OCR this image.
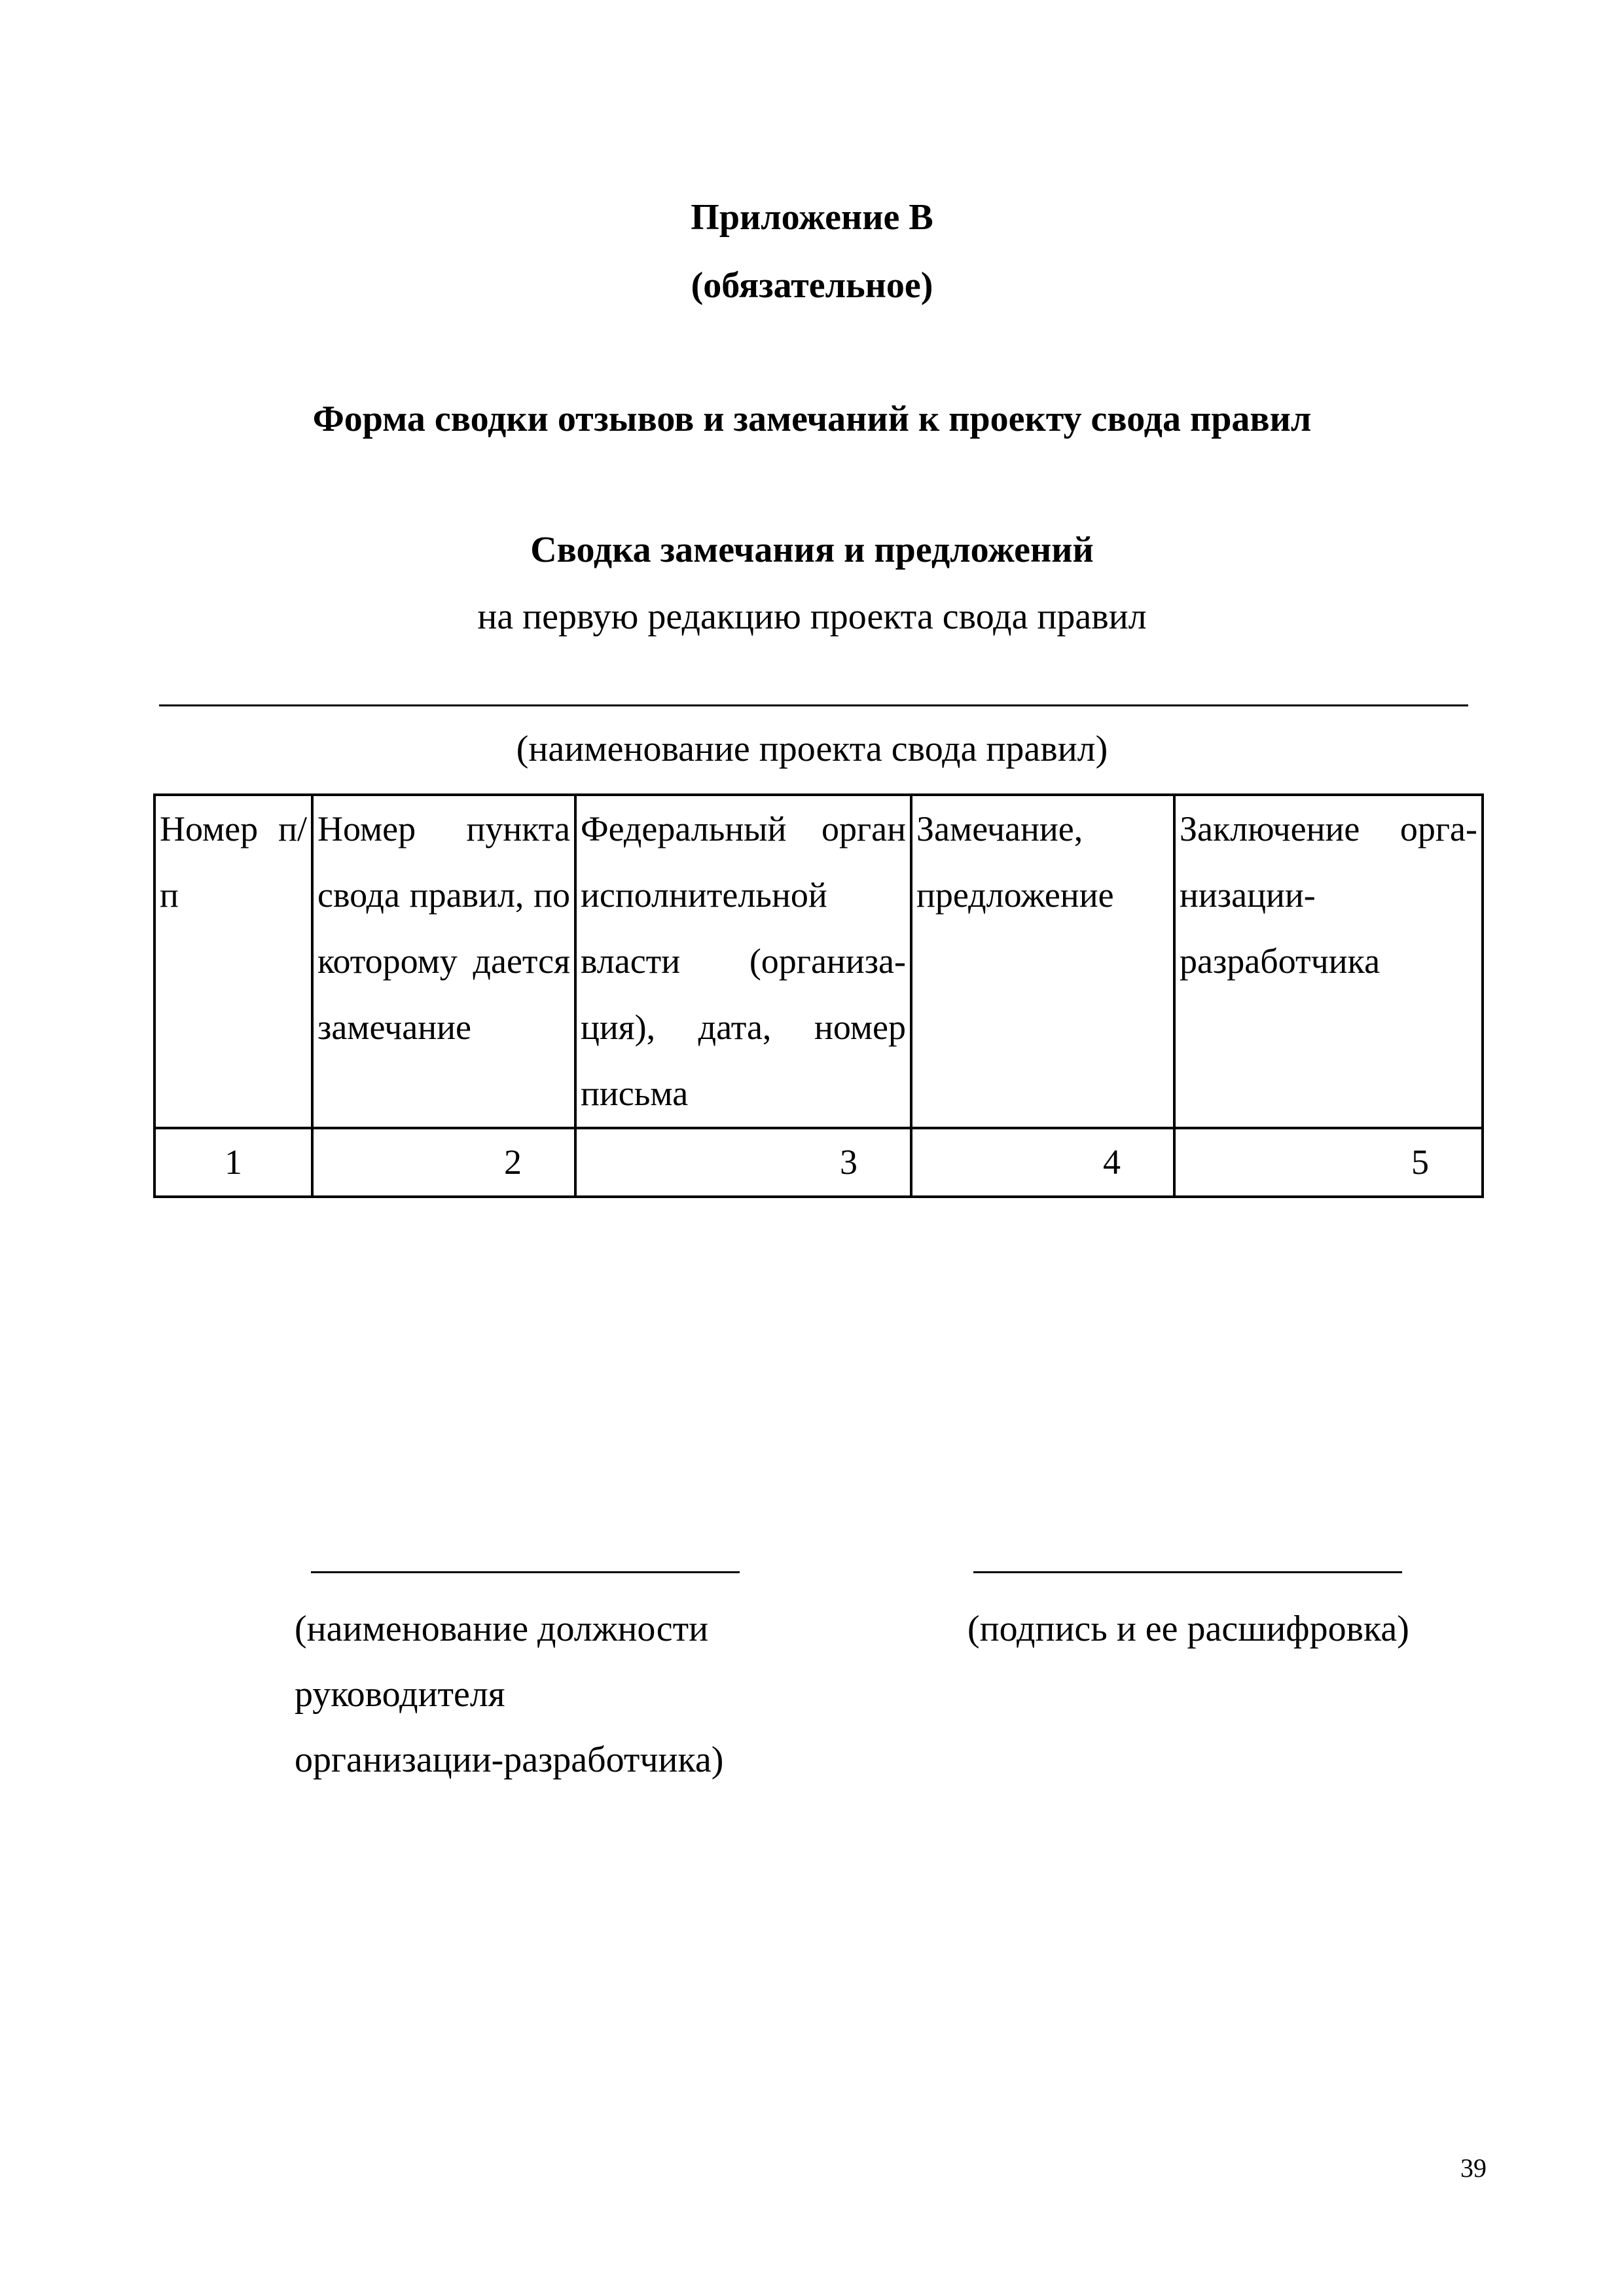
Приложение В

(обязательное)

Форма сводки отзывов и замечаний к проекту свода правил

Сводка замечания и предложений

на первую редакцию проекта свода правил

(наименование проекта свода правил)

Номер п/п	Номер пункта свода правил, по которому дается замечание	Федеральный орган исполнительной власти (организация), дата, номер письма	Замечание, предложение	Заключение организации-разработчика
1	2	3	4	5
(наименование должности
руководителя
организации-разработчика)

(подпись и ее расшифровка)

39
